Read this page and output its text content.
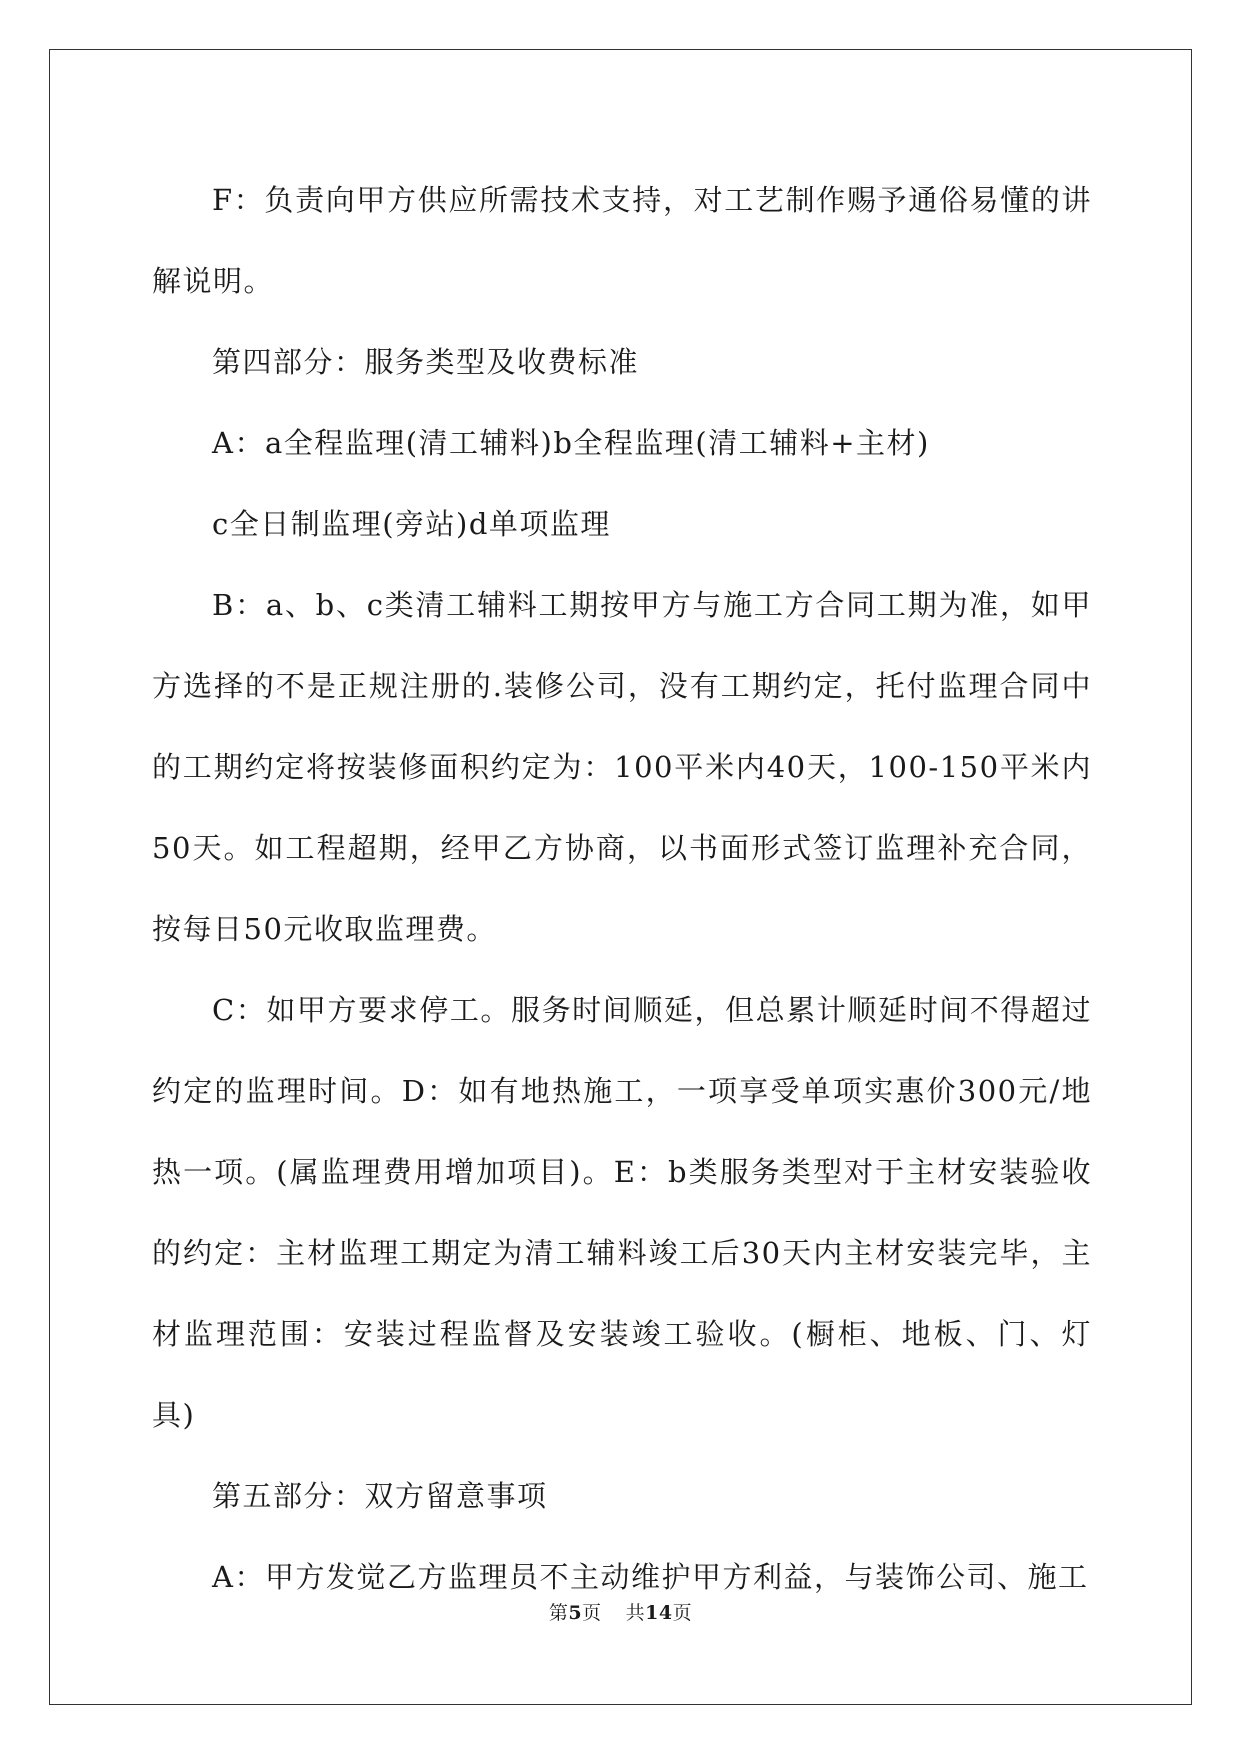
F：负责向甲方供应所需技术支持，对工艺制作赐予通俗易懂的讲解说明。

第四部分：服务类型及收费标准

A：a全程监理(清工辅料)b全程监理(清工辅料+主材)

c全日制监理(旁站)d单项监理

B：a、b、c类清工辅料工期按甲方与施工方合同工期为准，如甲方选择的不是正规注册的.装修公司，没有工期约定，托付监理合同中的工期约定将按装修面积约定为：100平米内40天，100-150平米内50天。如工程超期，经甲乙方协商，以书面形式签订监理补充合同，按每日50元收取监理费。

C：如甲方要求停工。服务时间顺延，但总累计顺延时间不得超过约定的监理时间。D：如有地热施工，一项享受单项实惠价300元/地热一项。(属监理费用增加项目)。E：b类服务类型对于主材安装验收的约定：主材监理工期定为清工辅料竣工后30天内主材安装完毕，主材监理范围：安装过程监督及安装竣工验收。(橱柜、地板、门、灯具)

第五部分：双方留意事项

A：甲方发觉乙方监理员不主动维护甲方利益，与装饰公司、施工

第5页 共14页
